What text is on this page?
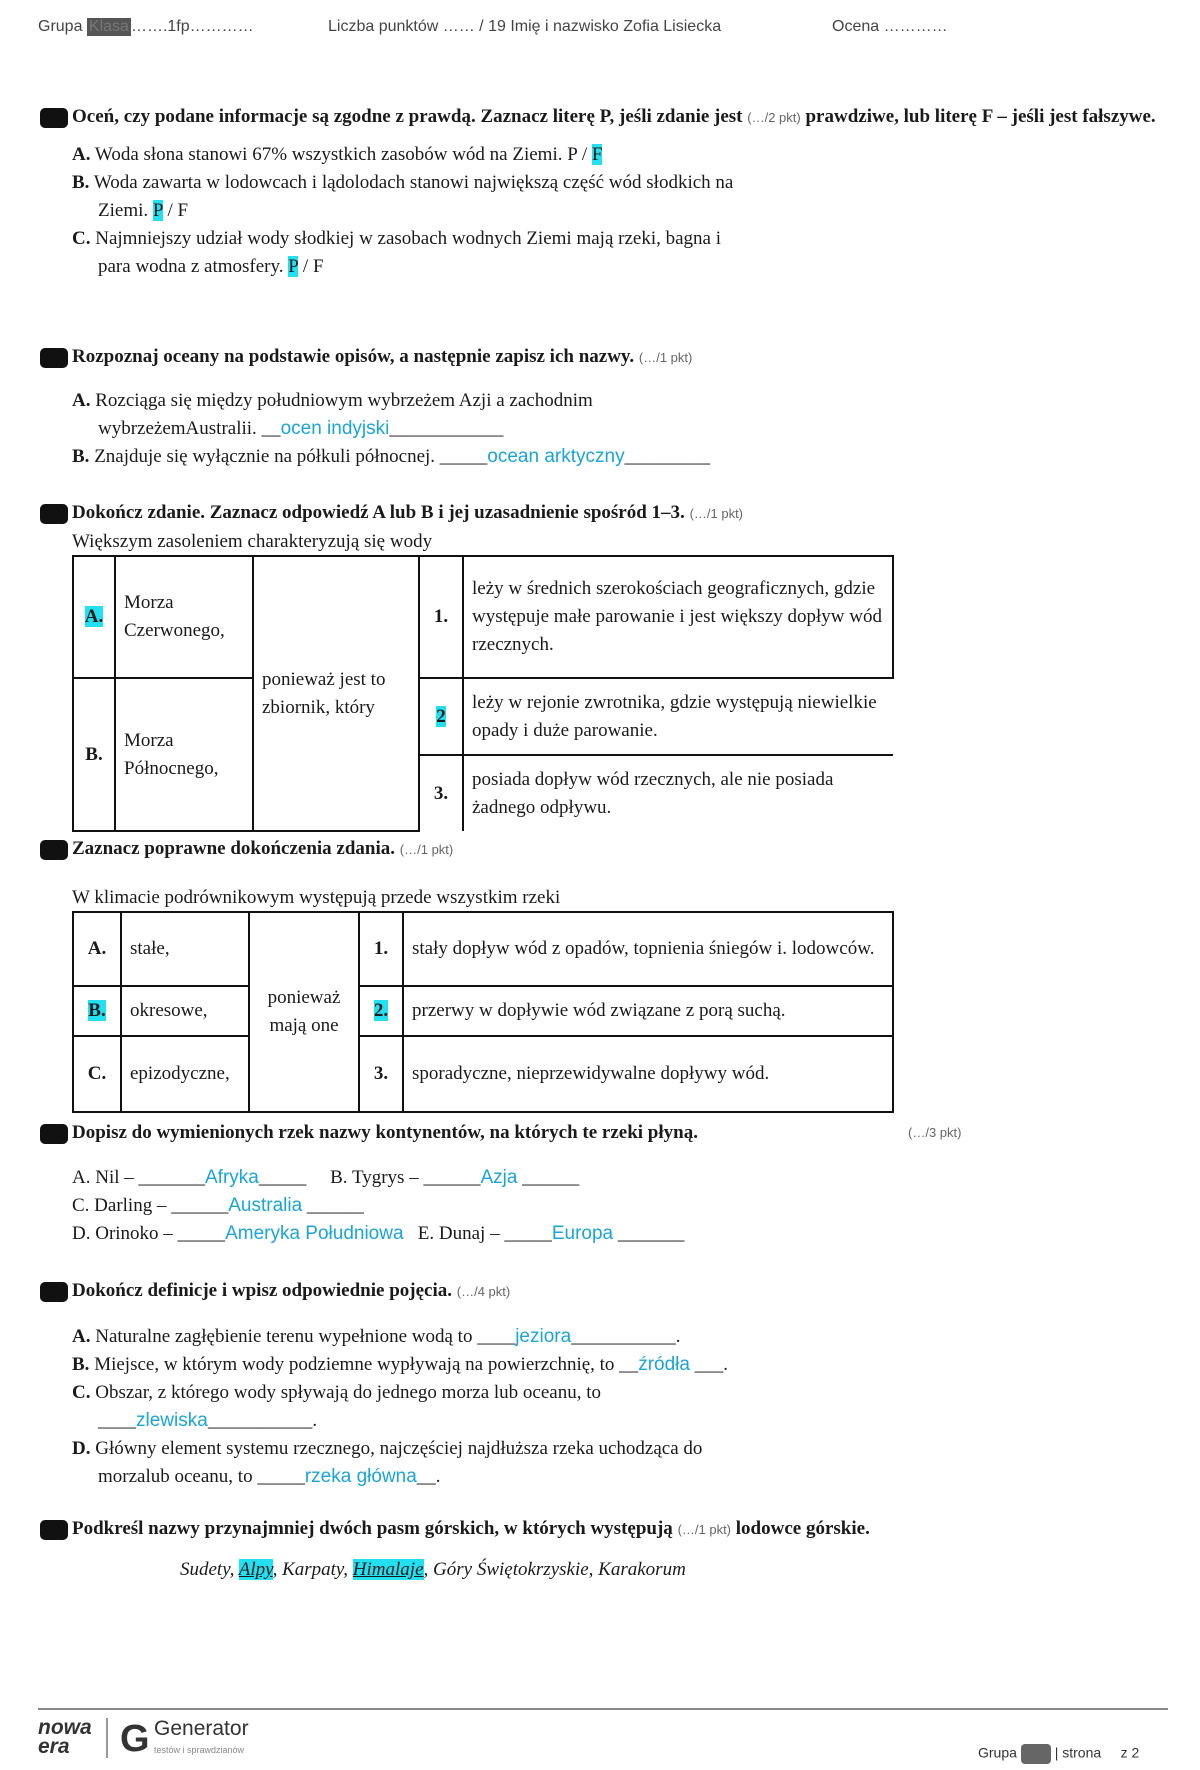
Grupa Klasa …….1fp…………	Liczba punktów …… / 19 Imię i nazwisko Zofia Lisiecka	Ocena …………
Oceń, czy podane informacje są zgodne z prawdą. Zaznacz literę P, jeśli zdanie jest (…/2 pkt) prawdziwe, lub literę F – jeśli jest fałszywe.
A. Woda słona stanowi 67% wszystkich zasobów wód na Ziemi. P / F
B. Woda zawarta w lodowcach i lądolodach stanowi największą część wód słodkich na
Ziemi. P / F
C. Najmniejszy udział wody słodkiej w zasobach wodnych Ziemi mają rzeki, bagna i
para wodna z atmosfery. P / F
Rozpoznaj oceany na podstawie opisów, a następnie zapisz ich nazwy. (…/1 pkt)
A. Rozciąga się między południowym wybrzeżem Azji a zachodnim
wybrzeżemAustralii. __ocen indyjski____________
B. Znajduje się wyłącznie na półkuli północnej. _____ocean arktyczny_________
Dokończ zdanie. Zaznacz odpowiedź A lub B i jej uzasadnienie spośród 1–3. (…/1 pkt)
Większym zasoleniem charakteryzują się wody
A.	Morza Czerwonego,	ponieważ jest to zbiornik, który	1.	leży w średnich szerokościach geograficznych, gdzie występuje małe parowanie i jest większy dopływ wód rzecznych.
B.	Morza Północnego,	
2	leży w rejonie zwrotnika, gdzie występują niewielkie opady i duże parowanie.
3.	posiada dopływ wód rzecznych, ale nie posiada żadnego odpływu.
Zaznacz poprawne dokończenia zdania. (…/1 pkt)
W klimacie podrównikowym występują przede wszystkim rzeki
A.	stałe,	ponieważ mają one	1.	stały dopływ wód z opadów, topnienia śniegów i. lodowców.
B.	okresowe,		2.	przerwy w dopływie wód związane z porą suchą.
C.	epizodyczne,		3.	sporadyczne, nieprzewidywalne dopływy wód.
Dopisz do wymienionych rzek nazwy kontynentów, na których te rzeki płyną.	(…/3 pkt)
A. Nil – _______Afryka_____ B. Tygrys – ______Azja ______
C. Darling – ______Australia ______
D. Orinoko – _____Ameryka Południowa E. Dunaj – _____Europa _______
Dokończ definicje i wpisz odpowiednie pojęcia. (…/4 pkt)
A. Naturalne zagłębienie terenu wypełnione wodą to ____jeziora___________.
B. Miejsce, w którym wody podziemne wypływają na powierzchnię, to __źródła ___.
C. Obszar, z którego wody spływają do jednego morza lub oceanu, to
____zlewiska___________.
D. Główny element systemu rzecznego, najczęściej najdłuższa rzeka uchodząca do
morzalub oceanu, to _____rzeka główna__.
Podkreśl nazwy przynajmniej dwóch pasm górskich, w których występują (…/1 pkt) lodowce górskie.
Sudety, Alpy, Karpaty, Himalaje, Góry Świętokrzyskie, Karakorum
nowa
era	G Generator
testów i sprawdzianów	Grupa	| strona z 2
